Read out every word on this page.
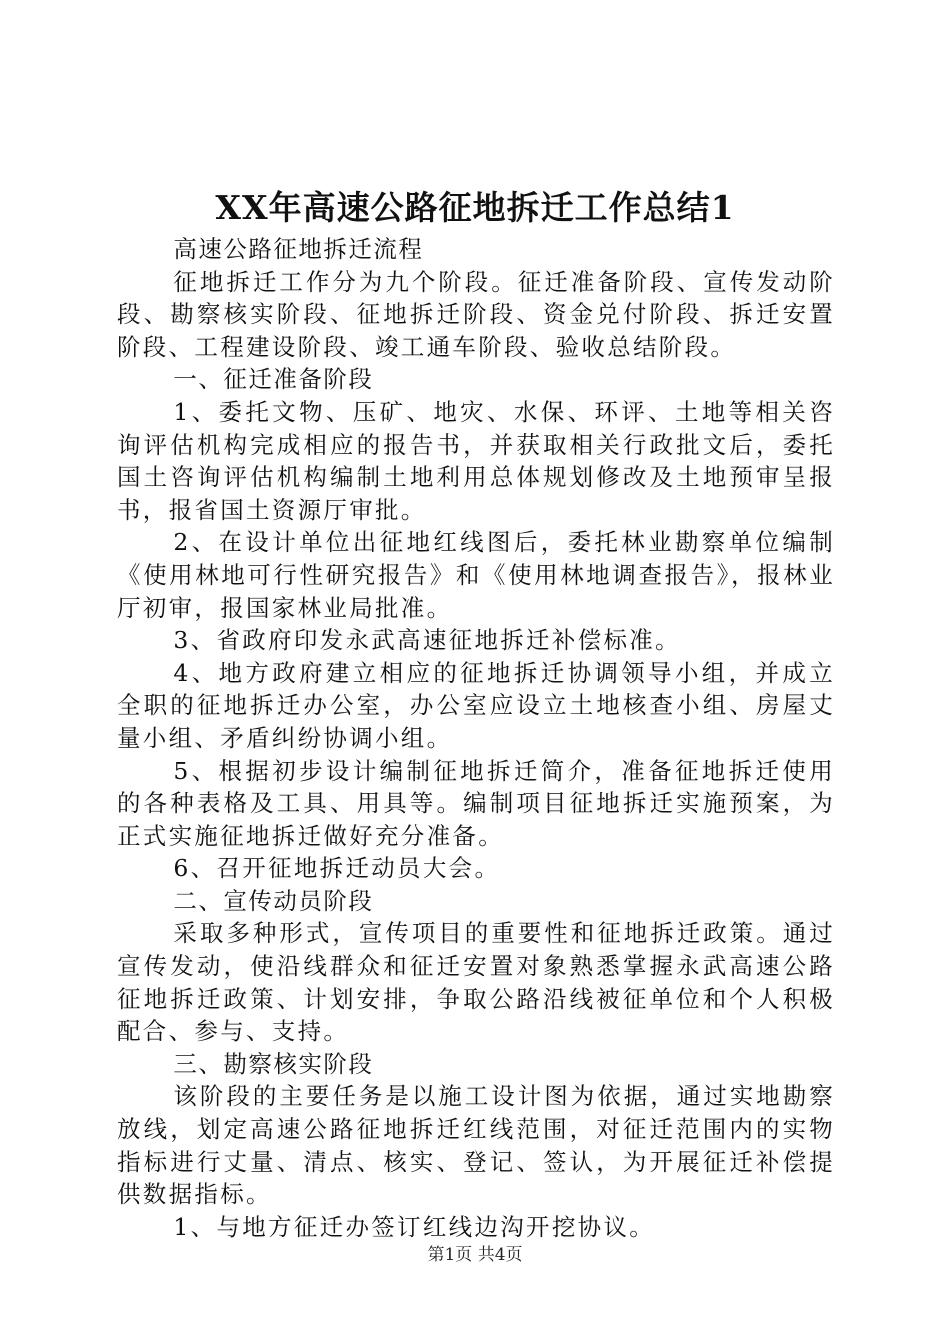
XX年高速公路征地拆迁工作总结1

高速公路征地拆迁流程

征地拆迁工作分为九个阶段。征迁准备阶段、宣传发动阶段、勘察核实阶段、征地拆迁阶段、资金兑付阶段、拆迁安置阶段、工程建设阶段、竣工通车阶段、验收总结阶段。

一、征迁准备阶段

1、委托文物、压矿、地灾、水保、环评、土地等相关咨询评估机构完成相应的报告书，并获取相关行政批文后，委托国土咨询评估机构编制土地利用总体规划修改及土地预审呈报书，报省国土资源厅审批。

2、在设计单位出征地红线图后，委托林业勘察单位编制《使用林地可行性研究报告》和《使用林地调查报告》，报林业厅初审，报国家林业局批准。

3、省政府印发永武高速征地拆迁补偿标准。

4、地方政府建立相应的征地拆迁协调领导小组，并成立全职的征地拆迁办公室，办公室应设立土地核查小组、房屋丈量小组、矛盾纠纷协调小组。

5、根据初步设计编制征地拆迁简介，准备征地拆迁使用的各种表格及工具、用具等。编制项目征地拆迁实施预案，为正式实施征地拆迁做好充分准备。

6、召开征地拆迁动员大会。

二、宣传动员阶段

采取多种形式，宣传项目的重要性和征地拆迁政策。通过宣传发动，使沿线群众和征迁安置对象熟悉掌握永武高速公路征地拆迁政策、计划安排，争取公路沿线被征单位和个人积极配合、参与、支持。

三、勘察核实阶段

该阶段的主要任务是以施工设计图为依据，通过实地勘察放线，划定高速公路征地拆迁红线范围，对征迁范围内的实物指标进行丈量、清点、核实、登记、签认，为开展征迁补偿提供数据指标。

1、与地方征迁办签订红线边沟开挖协议。

第1页 共4页
